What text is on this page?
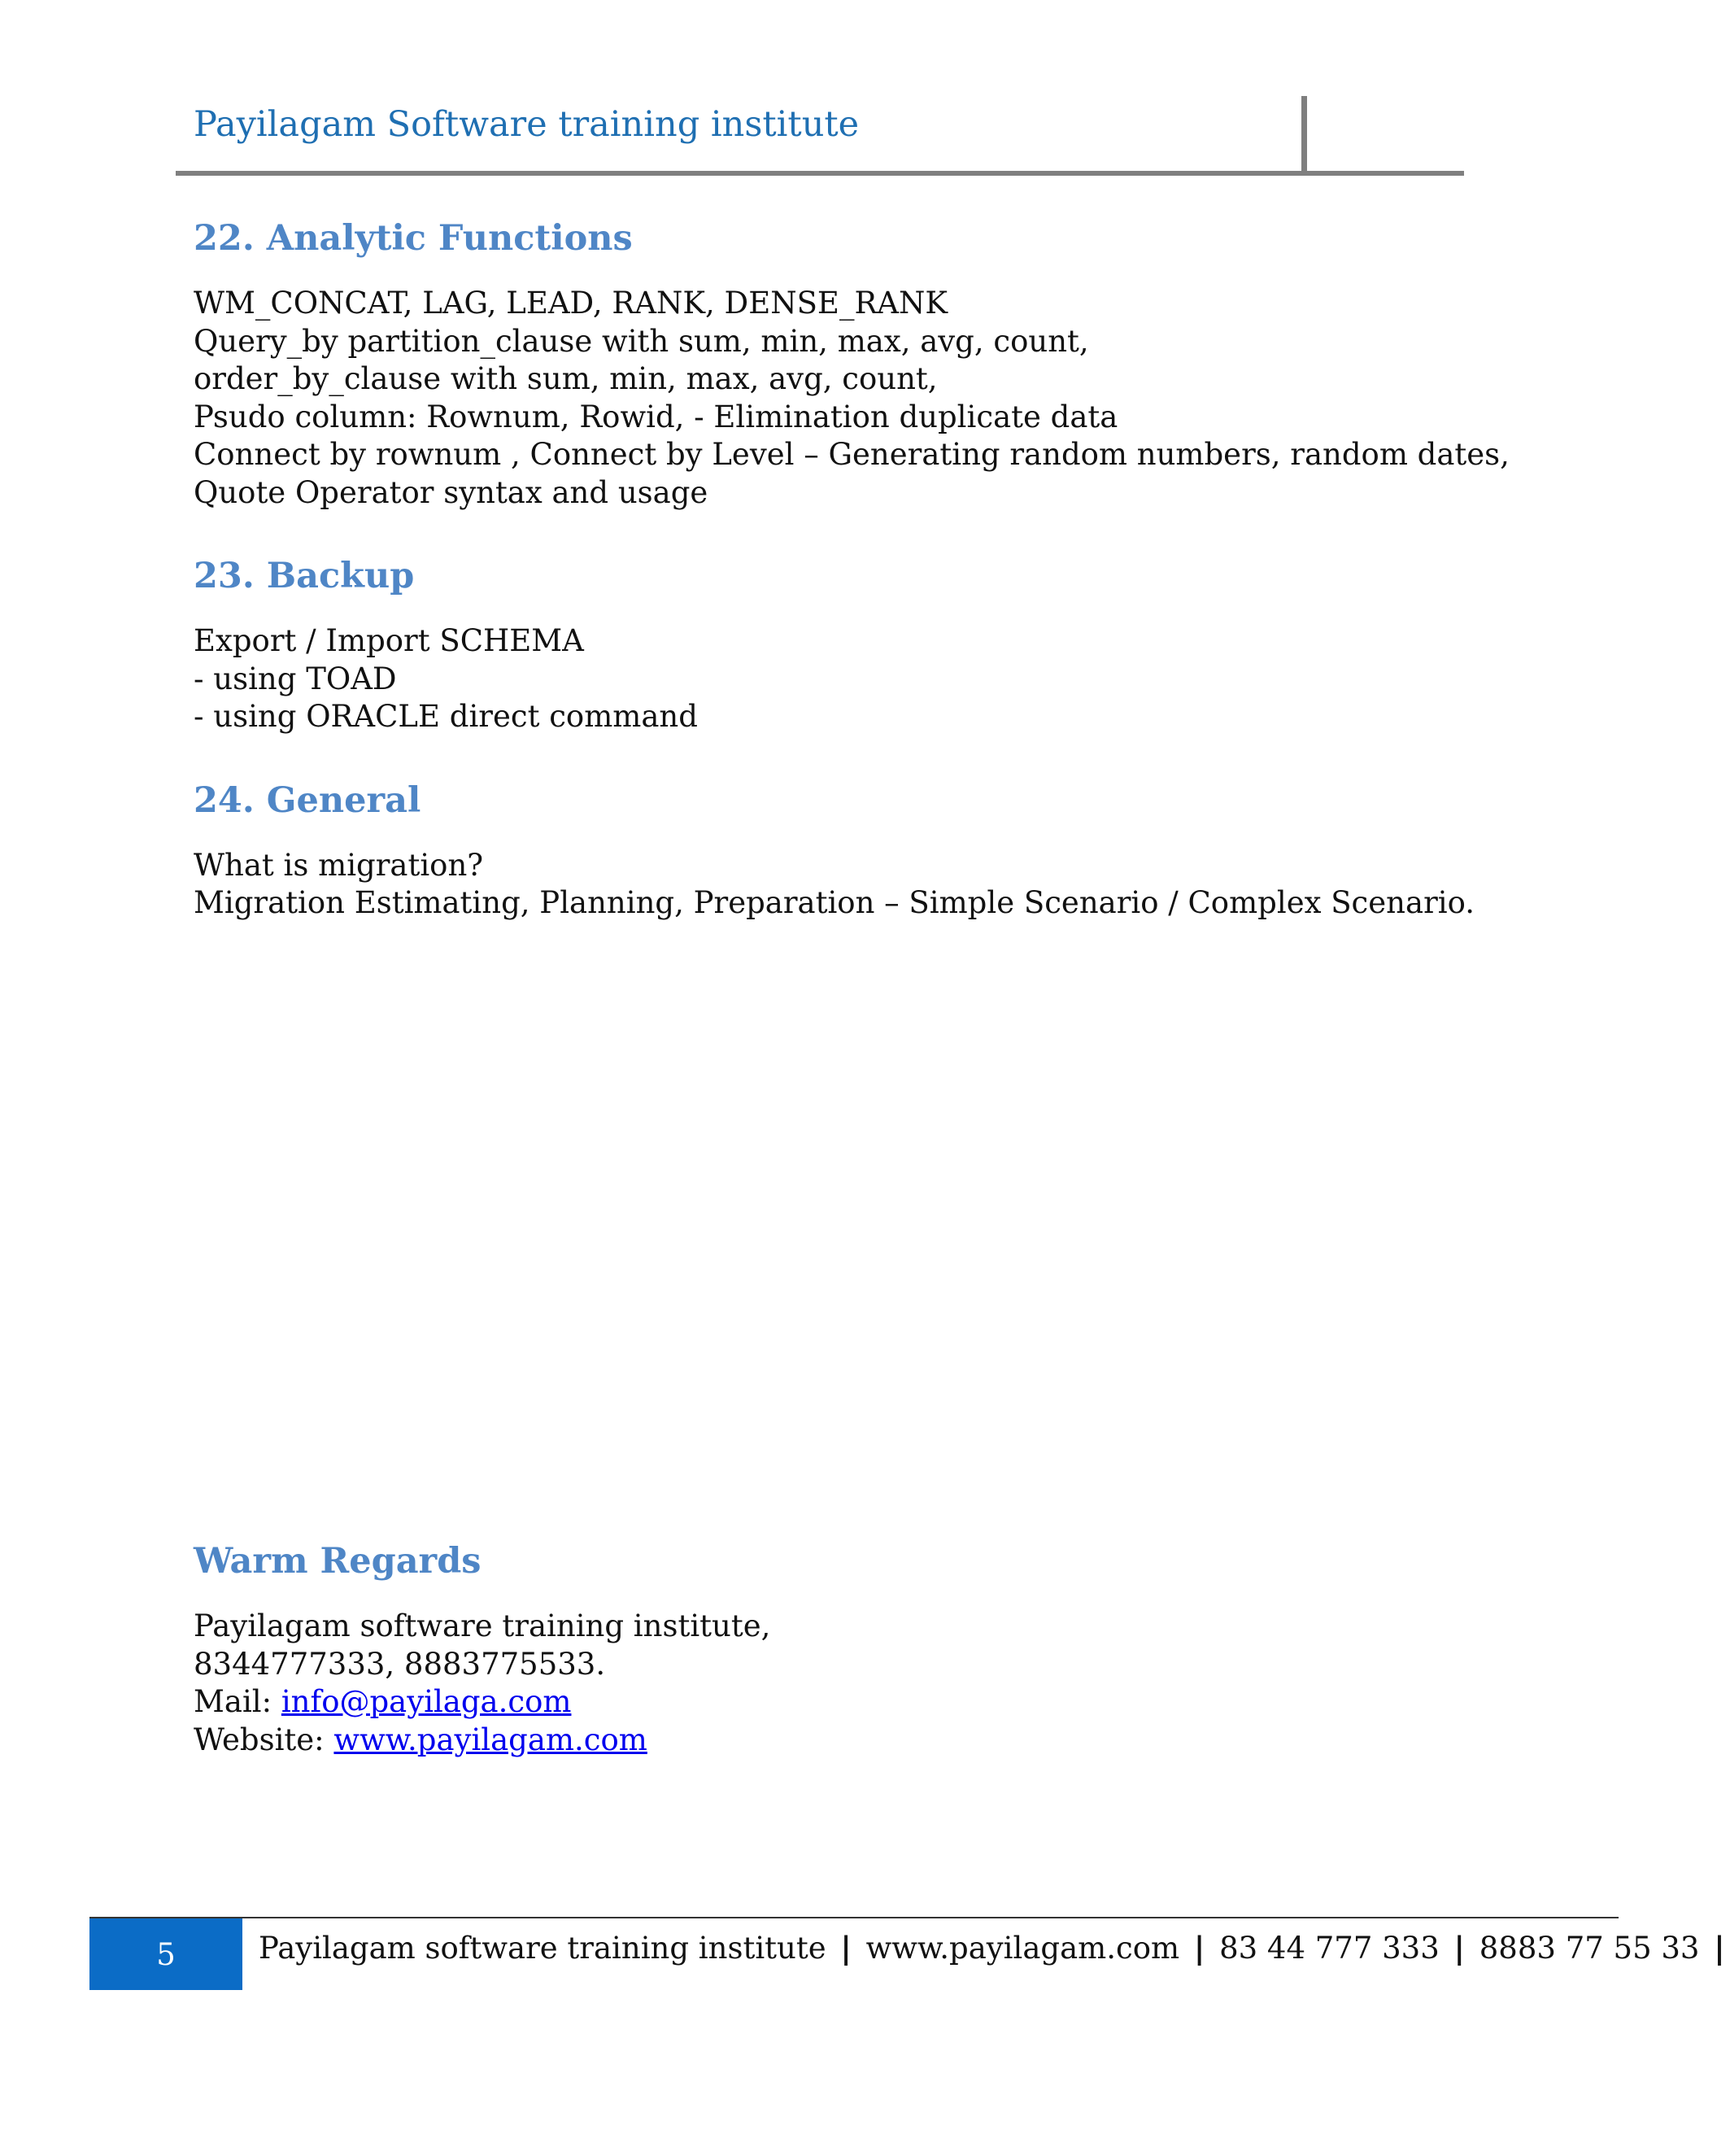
Payilagam Software training institute
22. Analytic Functions
WM_CONCAT, LAG, LEAD, RANK, DENSE_RANK
Query_by partition_clause with sum, min, max, avg, count,
order_by_clause with sum, min, max, avg, count,
Psudo column: Rownum, Rowid, - Elimination duplicate data
Connect by rownum , Connect by Level – Generating random numbers, random dates,
Quote Operator syntax and usage
23. Backup
Export / Import SCHEMA
- using TOAD
- using ORACLE direct command
24. General
What is migration?
Migration Estimating, Planning, Preparation – Simple Scenario / Complex Scenario.
Warm Regards

Payilagam software training institute,

8344777333, 8883775533.

Mail: info@payilaga.com

Website: www.payilagam.com

5	Payilagam software training institute | www.payilagam.com | 83 44 777 333 | 8883 77 55 33 |
